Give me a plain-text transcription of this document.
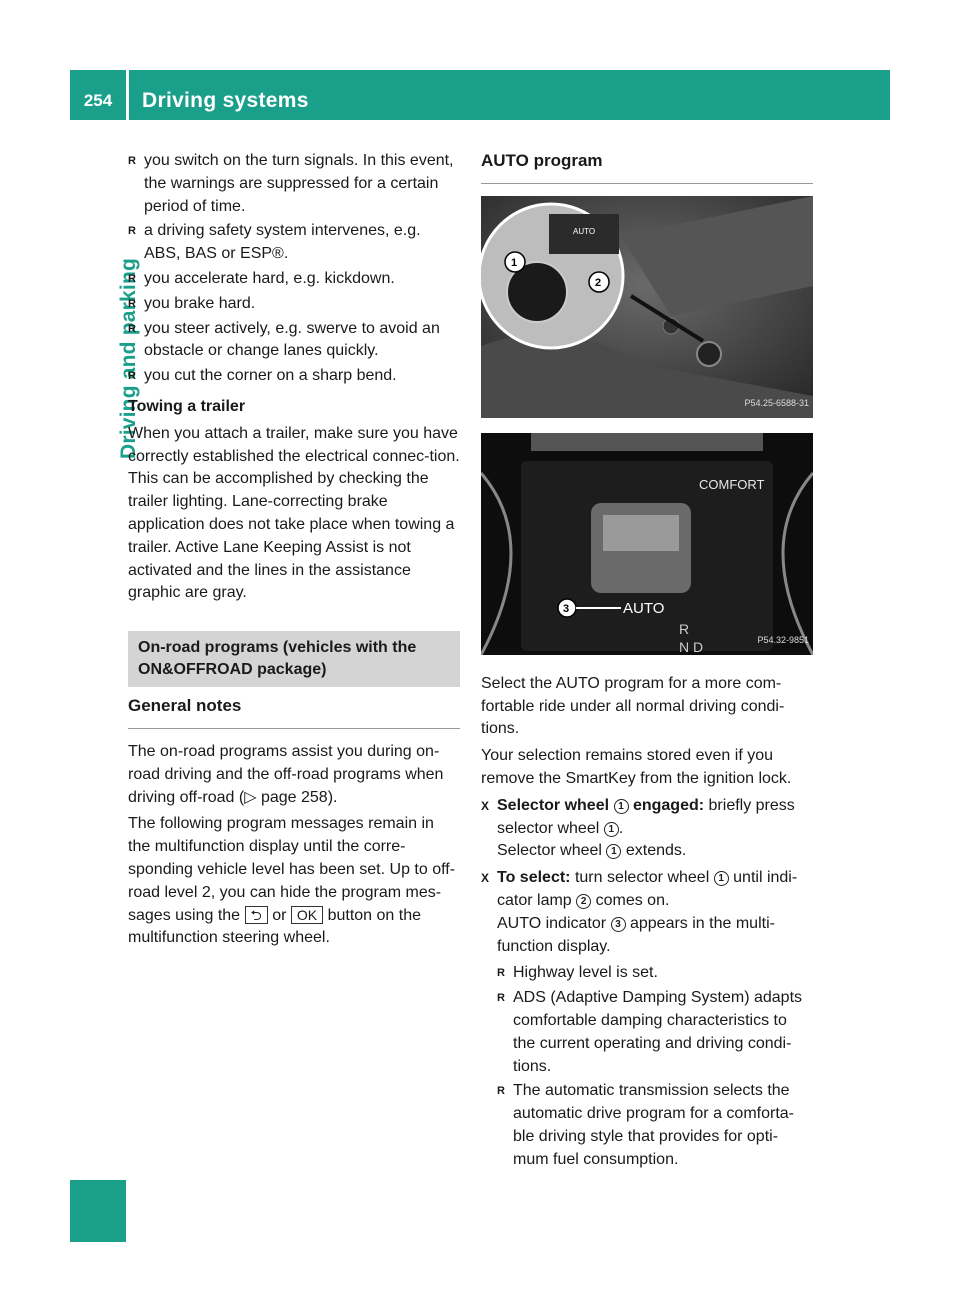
254	Driving systems
Driving and parking
R you switch on the turn signals. In this event, the warnings are suppressed for a certain period of time.
R a driving safety system intervenes, e.g. ABS, BAS or ESP®.
R you accelerate hard, e.g. kickdown.
R you brake hard.
R you steer actively, e.g. swerve to avoid an obstacle or change lanes quickly.
R you cut the corner on a sharp bend.
Towing a trailer

When you attach a trailer, make sure you have correctly established the electrical connec-tion. This can be accomplished by checking the trailer lighting. Lane-correcting brake application does not take place when towing a trailer. Active Lane Keeping Assist is not activated and the lines in the assistance graphic are gray.

On-road programs (vehicles with the ON&OFFROAD package)
General notes

The on-road programs assist you during on-road driving and the off-road programs when driving off-road (▷ page 258).

The following program messages remain in the multifunction display until the corre-sponding vehicle level has been set. Up to off-road level 2, you can hide the program mes-sages using the ⮌ or OK button on the multifunction steering wheel.

AUTO program
AUTO
1
2
P54.25-6588-31
COMFORT
3	AUTO
R
N D	P54.32-9851

Select the AUTO program for a more com-fortable ride under all normal driving condi-tions.

Your selection remains stored even if you remove the SmartKey from the ignition lock.

X Selector wheel 1 engaged: briefly press selector wheel 1 .
Selector wheel 1 extends.
X To select: turn selector wheel 1 until indi-cator lamp 2 comes on.
AUTO indicator 3 appears in the multi-function display.
R Highway level is set.
R ADS (Adaptive Damping System) adapts comfortable damping characteristics to the current operating and driving condi-tions.
R The automatic transmission selects the automatic drive program for a comforta-ble driving style that provides for opti-mum fuel consumption.
